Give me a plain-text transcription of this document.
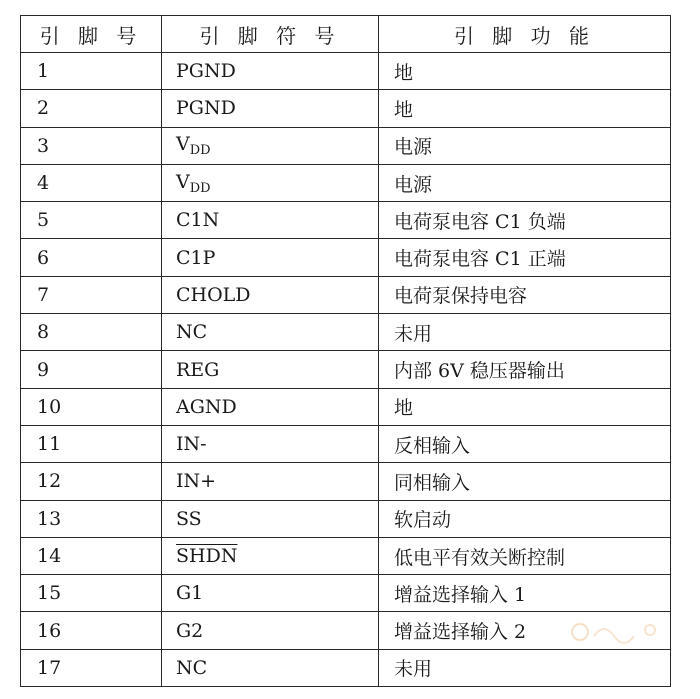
引 脚 号	引 脚 符 号	引 脚 功 能
1	PGND	地
2	PGND	地
3	$V_{DD}$	电源
4	$V_{DD}$	电源
5	C1N	电荷泵电容 C1 负端
6	C1P	电荷泵电容 C1 正端
7	CHOLD	电荷泵保持电容
8	NC	未用
9	REG	内部 6V 稳压器输出
10	AGND	地
11	IN-	反相输入
12	IN+	同相输入
13	SS	软启动
14	SHDN	低电平有效关断控制
15	G1	增益选择输入 1
16	G2	增益选择输入 2
17	NC	未用
